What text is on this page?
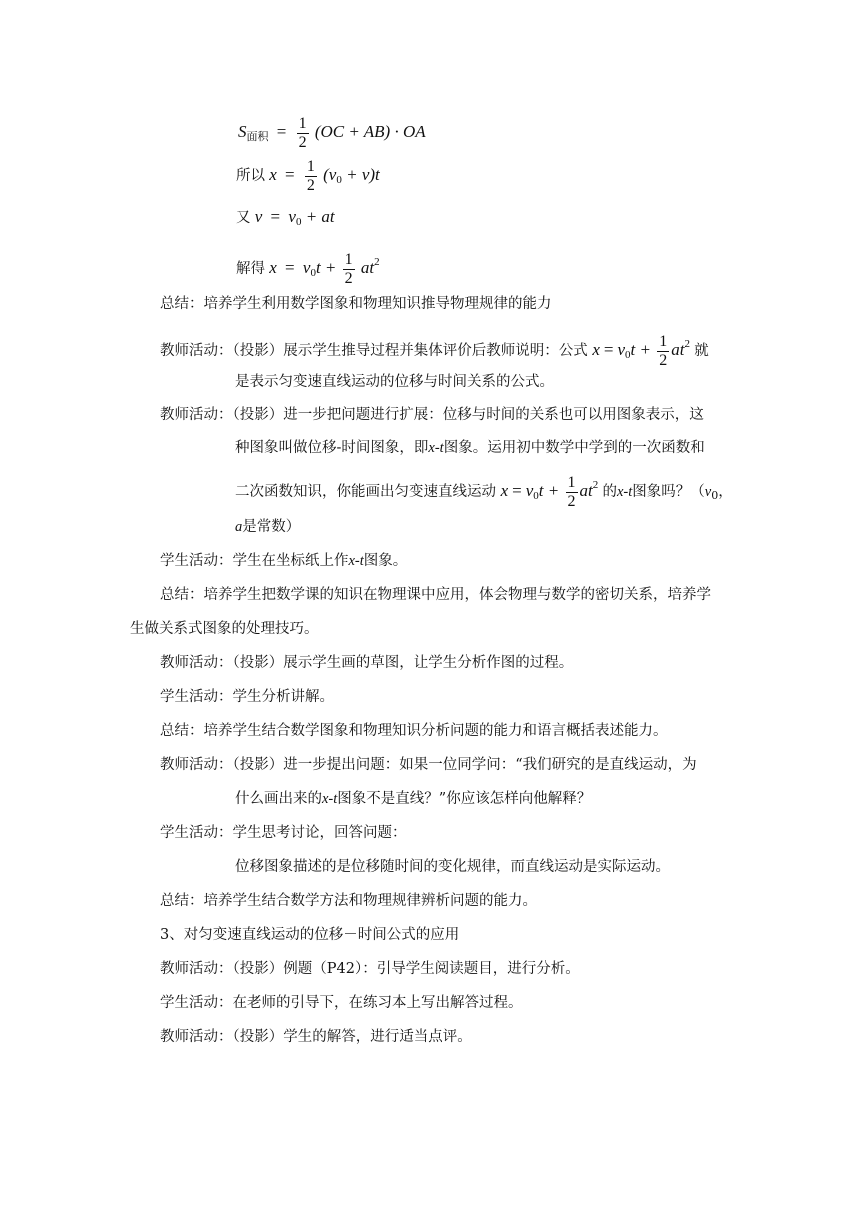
$S_{面积} = \frac{1}{2} (OC + AB)$ · OA
所以 $x = \frac{1}{2} (v_0 + v)t$
又 $v = v_0$ + at
解得 $x = v_0t + \frac{1}{2} at^2$
总结：培养学生利用数学图象和物理知识推导物理规律的能力
教师活动：（投影）展示学生推导过程并集体评价后教师说明：公式 $x = v_0t + \frac{1}{2} at^2$ 就
是表示匀变速直线运动的位移与时间关系的公式。
教师活动：（投影）进一步把问题进行扩展：位移与时间的关系也可以用图象表示，这
种图象叫做位移-时间图象，即x-t图象。运用初中数学中学到的一次函数和
二次函数知识，你能画出匀变速直线运动 $x = v_0t + \frac{1}{2} at^2$ 的x-t图象吗？（$v_0$，
a是常数）
学生活动：学生在坐标纸上作x-t图象。
总结：培养学生把数学课的知识在物理课中应用，体会物理与数学的密切关系，培养学
生做关系式图象的处理技巧。
教师活动：（投影）展示学生画的草图，让学生分析作图的过程。
学生活动：学生分析讲解。
总结：培养学生结合数学图象和物理知识分析问题的能力和语言概括表述能力。
教师活动：（投影）进一步提出问题：如果一位同学问：“我们研究的是直线运动，为
什么画出来的x-t图象不是直线？”你应该怎样向他解释？
学生活动：学生思考讨论，回答问题：
位移图象描述的是位移随时间的变化规律，而直线运动是实际运动。
总结：培养学生结合数学方法和物理规律辨析问题的能力。
3、对匀变速直线运动的位移－时间公式的应用
教师活动：（投影）例题（P42）：引导学生阅读题目，进行分析。
学生活动：在老师的引导下，在练习本上写出解答过程。
教师活动：（投影）学生的解答，进行适当点评。
